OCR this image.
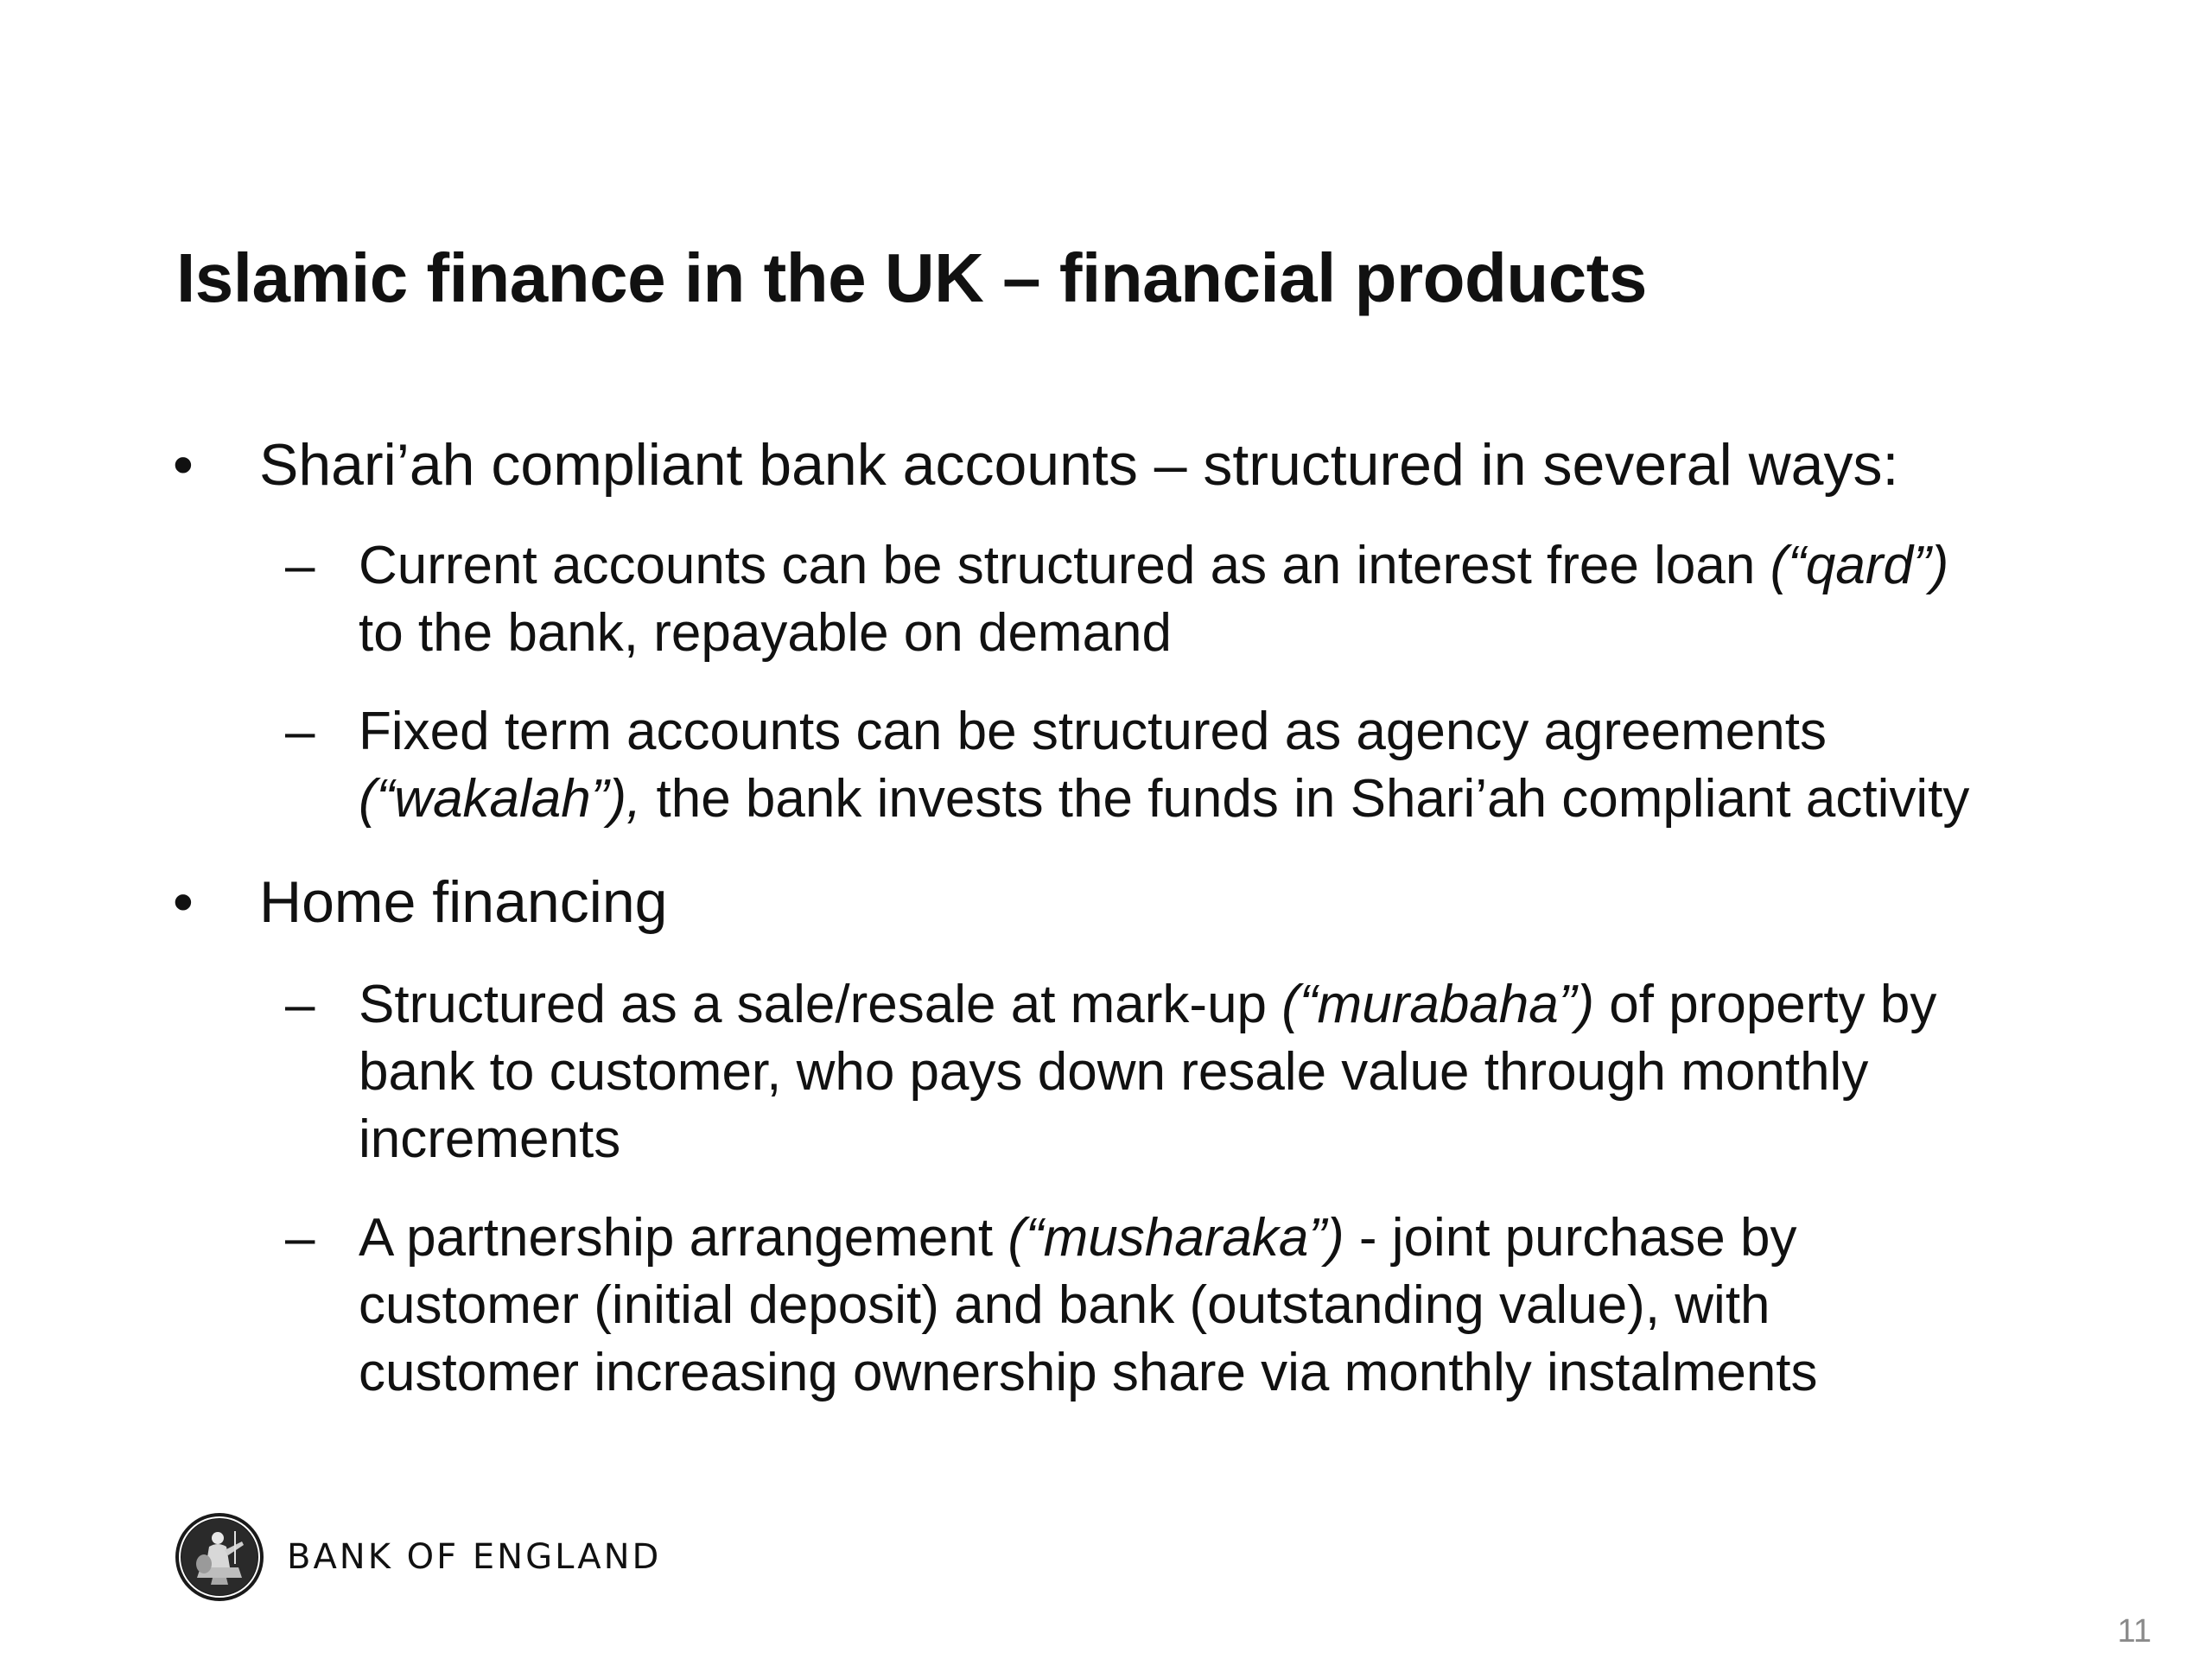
Islamic finance in the UK – financial products
• Shari’ah compliant bank accounts – structured in several ways:
– Current accounts can be structured as an interest free loan (“qard”)
to the bank, repayable on demand
– Fixed term accounts can be structured as agency agreements
(“wakalah”), the bank invests the funds in Shari’ah compliant activity
• Home financing
– Structured as a sale/resale at mark-up (“murabaha”) of property by
bank to customer, who pays down resale value through monthly
increments
– A partnership arrangement (“musharaka”) - joint purchase by
customer (initial deposit) and bank (outstanding value), with
customer increasing ownership share via monthly instalments
BANK OF ENGLAND
11
